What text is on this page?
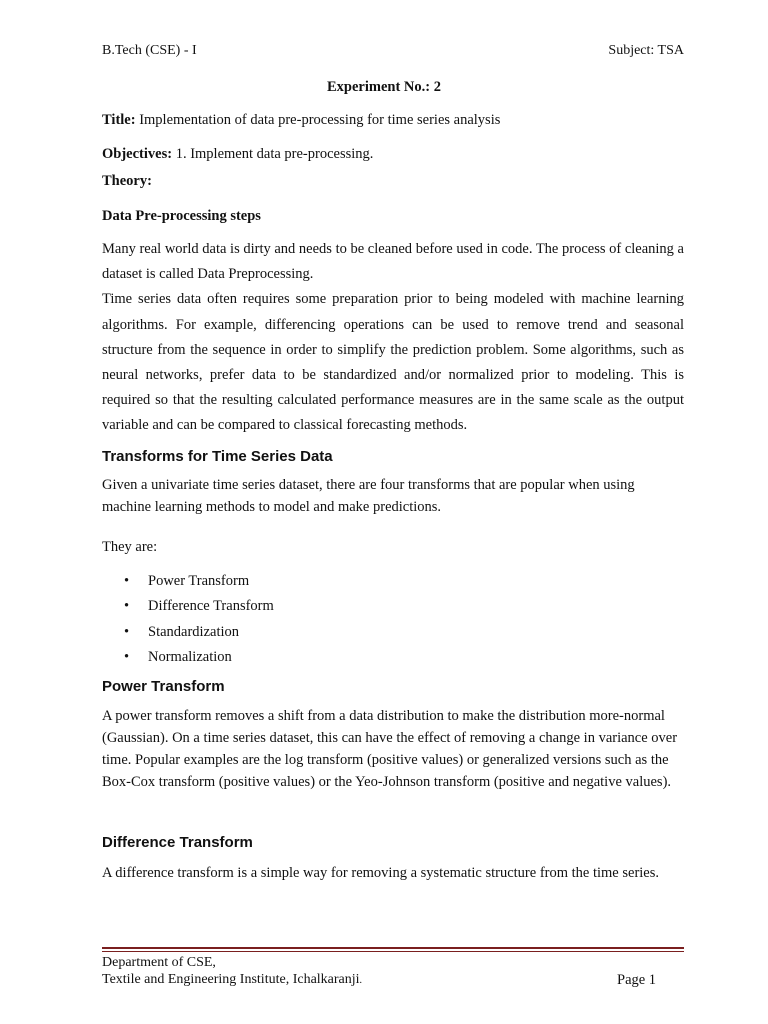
B.Tech (CSE) - I	Subject: TSA
Experiment No.: 2
Title: Implementation of data pre-processing for time series analysis
Objectives: 1. Implement data pre-processing.
Theory:
Data Pre-processing steps

Many real world data is dirty and needs to be cleaned before used in code. The process of cleaning a dataset is called Data Preprocessing.

Time series data often requires some preparation prior to being modeled with machine learning algorithms. For example, differencing operations can be used to remove trend and seasonal structure from the sequence in order to simplify the prediction problem. Some algorithms, such as neural networks, prefer data to be standardized and/or normalized prior to modeling. This is required so that the resulting calculated performance measures are in the same scale as the output variable and can be compared to classical forecasting methods.

Transforms for Time Series Data
Given a univariate time series dataset, there are four transforms that are popular when using machine learning methods to model and make predictions.
They are:
• Power Transform
• Difference Transform
• Standardization
• Normalization
Power Transform
A power transform removes a shift from a data distribution to make the distribution more-normal (Gaussian). On a time series dataset, this can have the effect of removing a change in variance over time. Popular examples are the log transform (positive values) or generalized versions such as the Box-Cox transform (positive values) or the Yeo-Johnson transform (positive and negative values).
Difference Transform
A difference transform is a simple way for removing a systematic structure from the time series.
Department of CSE,
Textile and Engineering Institute, Ichalkaranji.	Page 1
